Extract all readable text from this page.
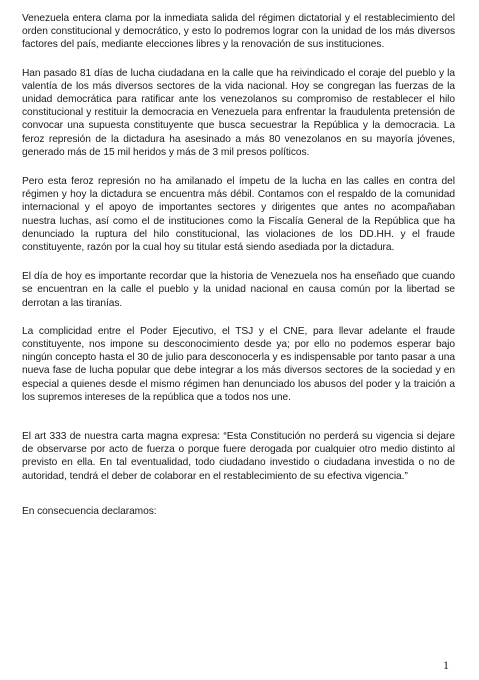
Venezuela entera clama por la inmediata salida del régimen dictatorial y el restablecimiento del orden constitucional y democrático, y esto lo podremos lograr con la unidad de los más diversos factores del país, mediante elecciones libres y la renovación de sus instituciones.

Han pasado 81 días de lucha ciudadana en la calle que ha reivindicado el coraje del pueblo y la valentía de los más diversos sectores de la vida nacional. Hoy se congregan las fuerzas de la unidad democrática para ratificar ante los venezolanos su compromiso de restablecer el hilo constitucional y restituir la democracia en Venezuela para enfrentar la fraudulenta pretensión de convocar una supuesta constituyente que busca secuestrar la República y la democracia. La feroz represión de la dictadura ha asesinado a más 80 venezolanos en su mayoría jóvenes, generado más de 15 mil heridos y más de 3 mil presos políticos.

Pero esta feroz represión no ha amilanado el ímpetu de la lucha en las calles en contra del régimen y hoy la dictadura se encuentra más débil. Contamos con el respaldo de la comunidad internacional y el apoyo de importantes sectores y dirigentes que antes no acompañaban nuestra luchas, así como el de instituciones como la Fiscalía General de la República que ha denunciado la ruptura del hilo constitucional, las violaciones de los DD.HH. y el fraude constituyente, razón por la cual hoy su titular está siendo asediada por la dictadura.

El día de hoy es importante recordar que la historia de Venezuela nos ha enseñado que cuando se encuentran en la calle el pueblo y la unidad nacional en causa común por la libertad se derrotan a las tiranías.

La complicidad entre el Poder Ejecutivo, el TSJ y el CNE, para llevar adelante el fraude constituyente, nos impone su desconocimiento desde ya; por ello no podemos esperar bajo ningún concepto hasta el 30 de julio para desconocerla y es indispensable por tanto pasar a una nueva fase de lucha popular que debe integrar a los más diversos sectores de la sociedad y en especial a quienes desde el mismo régimen han denunciado los abusos del poder y la traición a los supremos intereses de la república que a todos nos une.

El art 333 de nuestra carta magna expresa: “Esta Constitución no perderá su vigencia si dejare de observarse por acto de fuerza o porque fuere derogada por cualquier otro medio distinto al previsto en ella. En tal eventualidad, todo ciudadano investido o ciudadana investida o no de autoridad, tendrá el deber de colaborar en el restablecimiento de su efectiva vigencia.”

En consecuencia declaramos:

1
